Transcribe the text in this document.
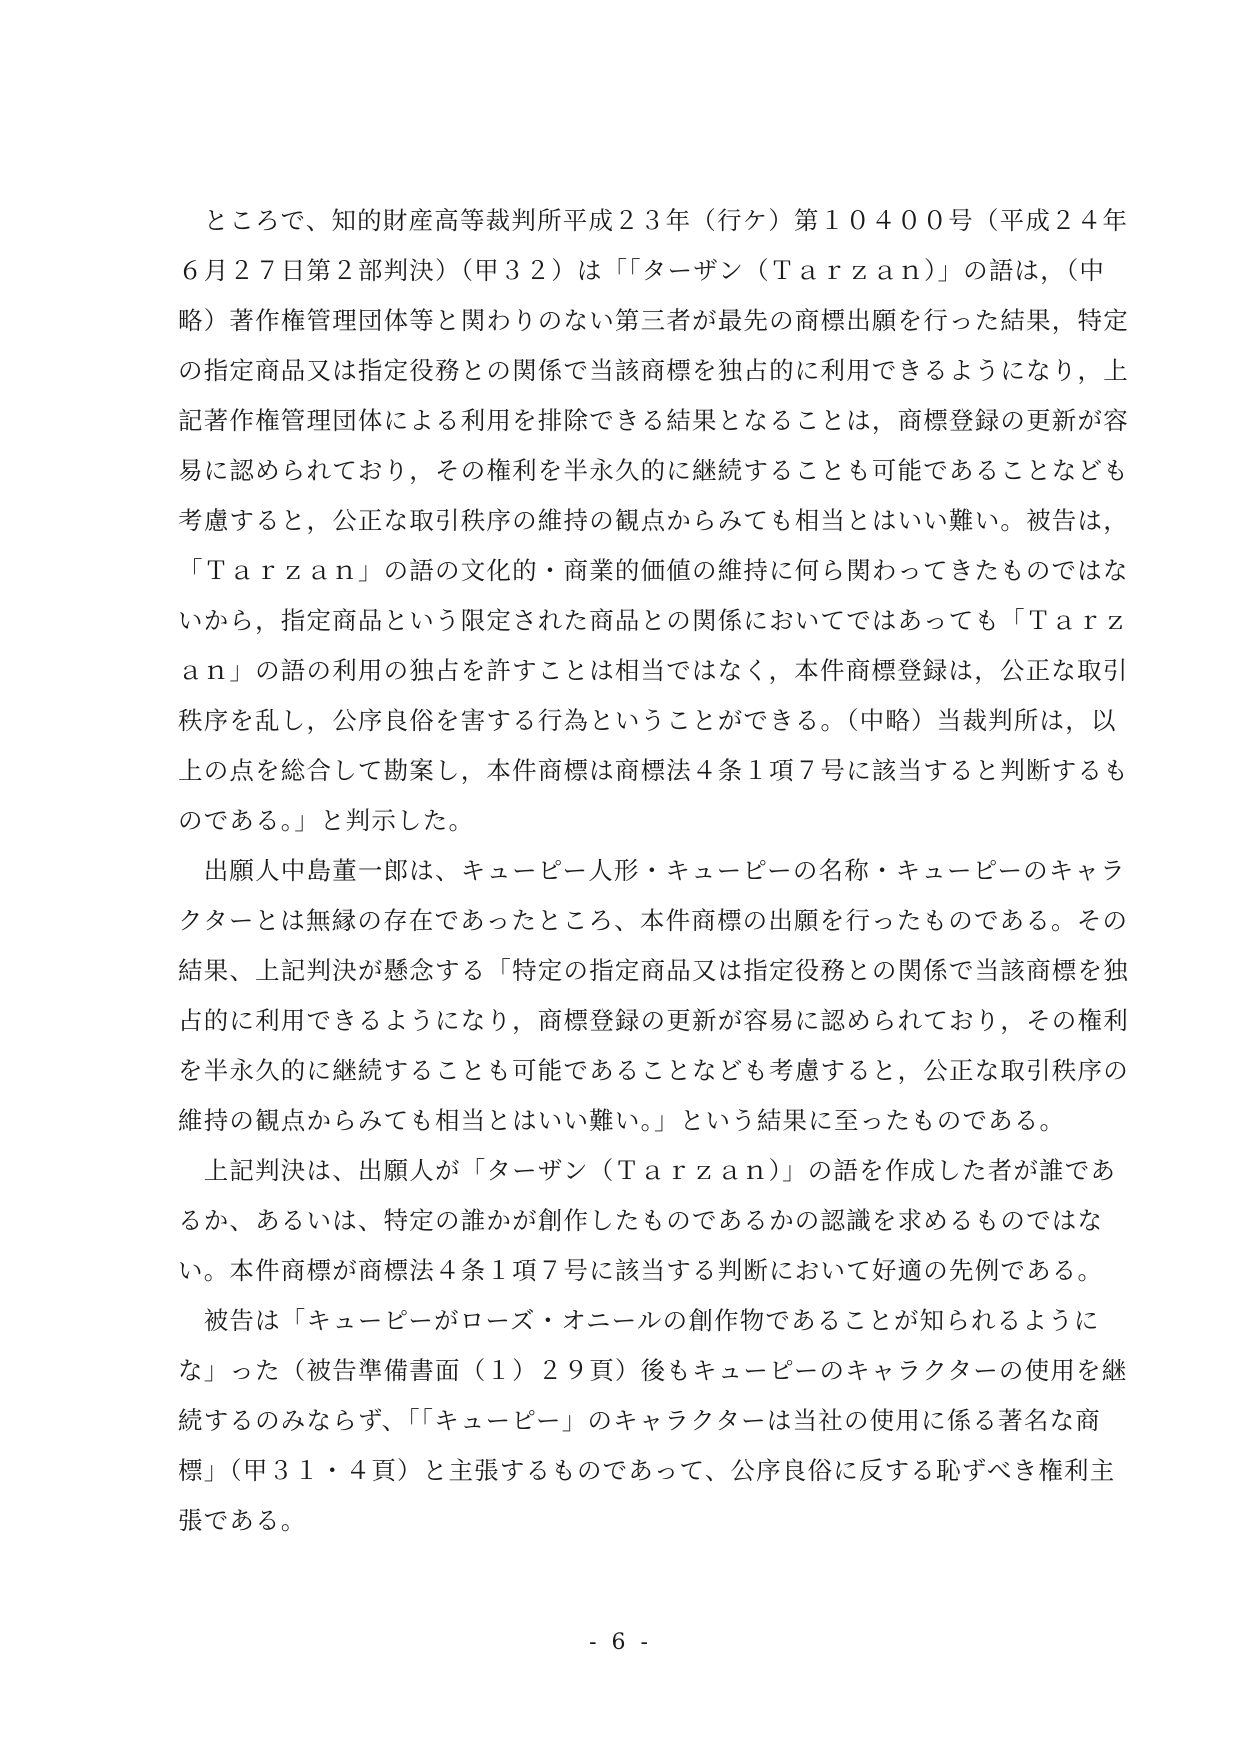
　ところで、知的財産高等裁判所平成２３年（行ケ）第１０４００号（平成２４年
６月２７日第２部判決）（甲３２）は「「ターザン（Ｔａｒｚａｎ）」の語は，（中
略）著作権管理団体等と関わりのない第三者が最先の商標出願を行った結果，特定
の指定商品又は指定役務との関係で当該商標を独占的に利用できるようになり，上
記著作権管理団体による利用を排除できる結果となることは，商標登録の更新が容
易に認められており，その権利を半永久的に継続することも可能であることなども
考慮すると，公正な取引秩序の維持の観点からみても相当とはいい難い。被告は，
「Ｔａｒｚａｎ」の語の文化的・商業的価値の維持に何ら関わってきたものではな
いから，指定商品という限定された商品との関係においてではあっても「Ｔａｒｚ
ａｎ」の語の利用の独占を許すことは相当ではなく，本件商標登録は，公正な取引
秩序を乱し，公序良俗を害する行為ということができる。（中略）当裁判所は，以
上の点を総合して勘案し，本件商標は商標法４条１項７号に該当すると判断するも
のである。」と判示した。
　出願人中島董一郎は、キューピー人形・キューピーの名称・キューピーのキャラ
クターとは無縁の存在であったところ、本件商標の出願を行ったものである。その
結果、上記判決が懸念する「特定の指定商品又は指定役務との関係で当該商標を独
占的に利用できるようになり，商標登録の更新が容易に認められており，その権利
を半永久的に継続することも可能であることなども考慮すると，公正な取引秩序の
維持の観点からみても相当とはいい難い。」という結果に至ったものである。
　上記判決は、出願人が「ターザン（Ｔａｒｚａｎ）」の語を作成した者が誰であ
るか、あるいは、特定の誰かが創作したものであるかの認識を求めるものではな
い。本件商標が商標法４条１項７号に該当する判断において好適の先例である。
　被告は「キューピーがローズ・オニールの創作物であることが知られるように
な」った（被告準備書面（１）２９頁）後もキューピーのキャラクターの使用を継
続するのみならず、「「キューピー」のキャラクターは当社の使用に係る著名な商
標」（甲３１・４頁）と主張するものであって、公序良俗に反する恥ずべき権利主
張である。
- 6 -
